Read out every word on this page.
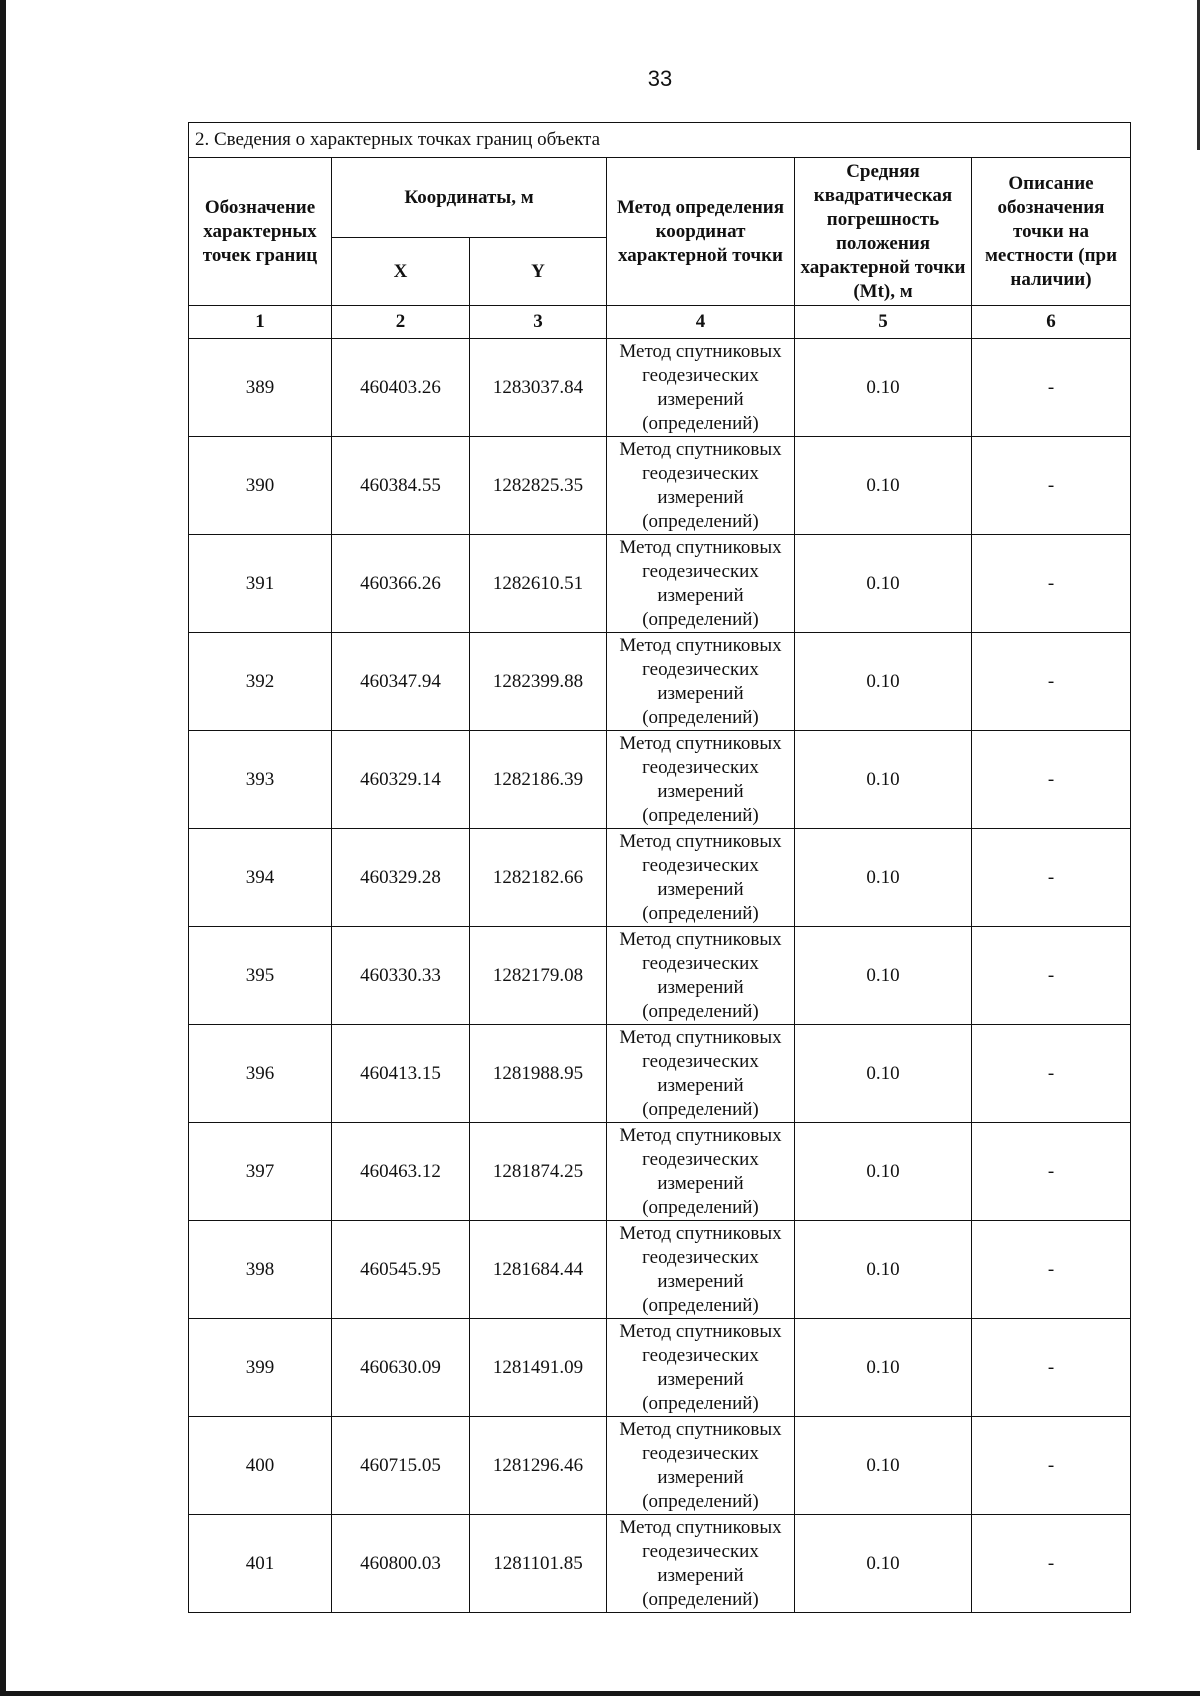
33
2. Сведения о характерных точках границ объекта					
Обозначение характерных точек границ	Координаты, м		Метод определения координат характерной точки	Средняя квадратическая погрешность положения характерной точки (Mt), м	Описание обозначения точки на местности (при наличии)
	X	Y			
1	2	3	4	5	6
389	460403.26	1283037.84	Метод спутниковых геодезических измерений (определений)	0.10	-
390	460384.55	1282825.35	Метод спутниковых геодезических измерений (определений)	0.10	-
391	460366.26	1282610.51	Метод спутниковых геодезических измерений (определений)	0.10	-
392	460347.94	1282399.88	Метод спутниковых геодезических измерений (определений)	0.10	-
393	460329.14	1282186.39	Метод спутниковых геодезических измерений (определений)	0.10	-
394	460329.28	1282182.66	Метод спутниковых геодезических измерений (определений)	0.10	-
395	460330.33	1282179.08	Метод спутниковых геодезических измерений (определений)	0.10	-
396	460413.15	1281988.95	Метод спутниковых геодезических измерений (определений)	0.10	-
397	460463.12	1281874.25	Метод спутниковых геодезических измерений (определений)	0.10	-
398	460545.95	1281684.44	Метод спутниковых геодезических измерений (определений)	0.10	-
399	460630.09	1281491.09	Метод спутниковых геодезических измерений (определений)	0.10	-
400	460715.05	1281296.46	Метод спутниковых геодезических измерений (определений)	0.10	-
401	460800.03	1281101.85	Метод спутниковых геодезических измерений (определений)	0.10	-
